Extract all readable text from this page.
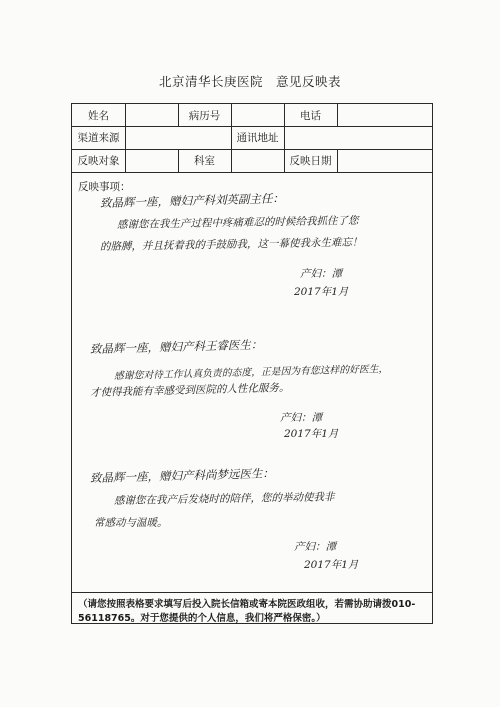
北京清华长庚医院　意见反映表
姓名	病历号	电话
渠道来源	通讯地址
反映对象	科室	反映日期
反映事项：
致晶辉一座，赠妇产科刘英副主任：
感谢您在我生产过程中疼痛难忍的时候给我抓住了您
的胳膊，并且抚着我的手鼓励我，这一幕使我永生难忘！
产妇：潭
2017年1月
致晶辉一座，赠妇产科王睿医生：
感谢您对待工作认真负责的态度，正是因为有您这样的好医生，
才使得我能有幸感受到医院的人性化服务。
产妇：潭
2017年1月
致晶辉一座，赠妇产科尚梦远医生：
感谢您在我产后发烧时的陪伴，您的举动使我非
常感动与温暖。
产妇：潭
2017年1月
（请您按照表格要求填写后投入院长信箱或寄本院医政组收，若需协助请拨010-56118765。对于您提供的个人信息，我们将严格保密。）
